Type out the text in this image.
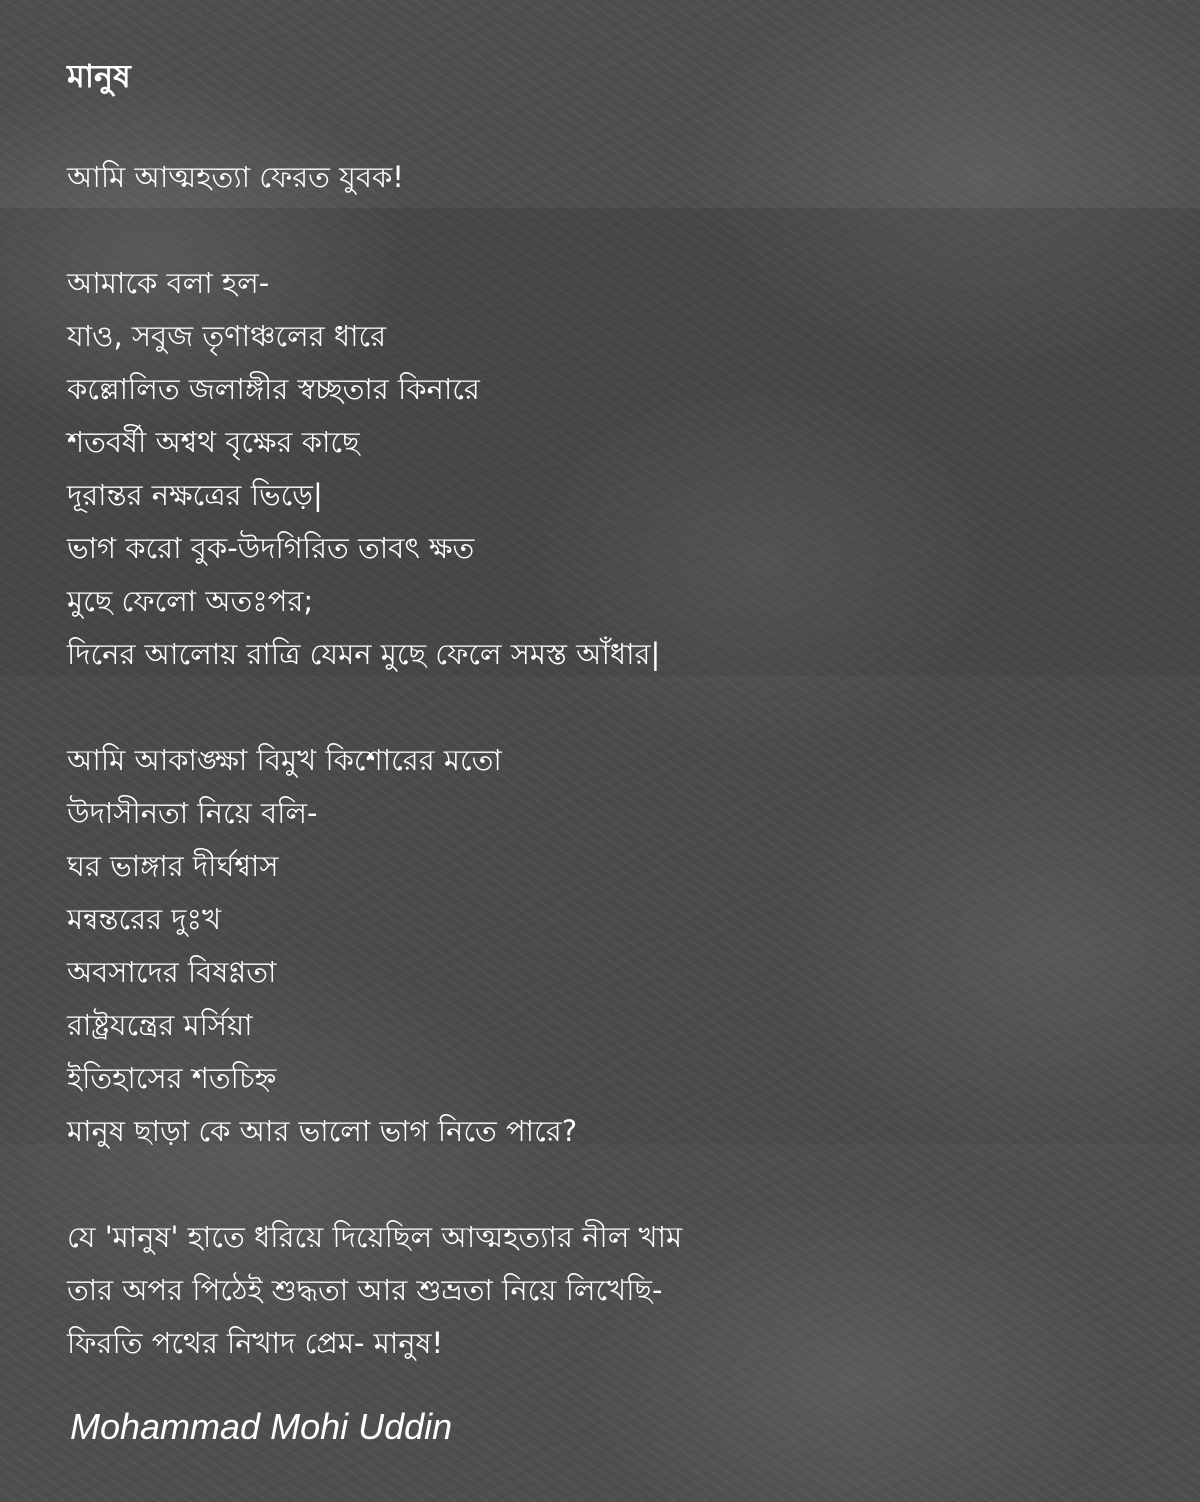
মানুষ
আমি আত্মহত্যা ফেরত যুবক!
আমাকে বলা হল-
যাও, সবুজ তৃণাঞ্চলের ধারে
কল্লোলিত জলাঙ্গীর স্বচ্ছতার কিনারে
শতবর্ষী অশ্বথ বৃক্ষের কাছে
দূরান্তর নক্ষত্রের ভিড়ে|
ভাগ করো বুক-উদগিরিত তাবৎ ক্ষত
মুছে ফেলো অতঃপর;
দিনের আলোয় রাত্রি যেমন মুছে ফেলে সমস্ত আঁধার|
আমি আকাঙ্ক্ষা বিমুখ কিশোরের মতো
উদাসীনতা নিয়ে বলি-
ঘর ভাঙ্গার দীর্ঘশ্বাস
মন্বন্তরের দুঃখ
অবসাদের বিষণ্ণতা
রাষ্ট্রযন্ত্রের মর্সিয়া
ইতিহাসের শতচিহ্ন
মানুষ ছাড়া কে আর ভালো ভাগ নিতে পারে?
যে 'মানুষ' হাতে ধরিয়ে দিয়েছিল আত্মহত্যার নীল খাম
তার অপর পিঠেই শুদ্ধতা আর শুভ্রতা নিয়ে লিখেছি-
ফিরতি পথের নিখাদ প্রেম- মানুষ!
Mohammad Mohi Uddin
